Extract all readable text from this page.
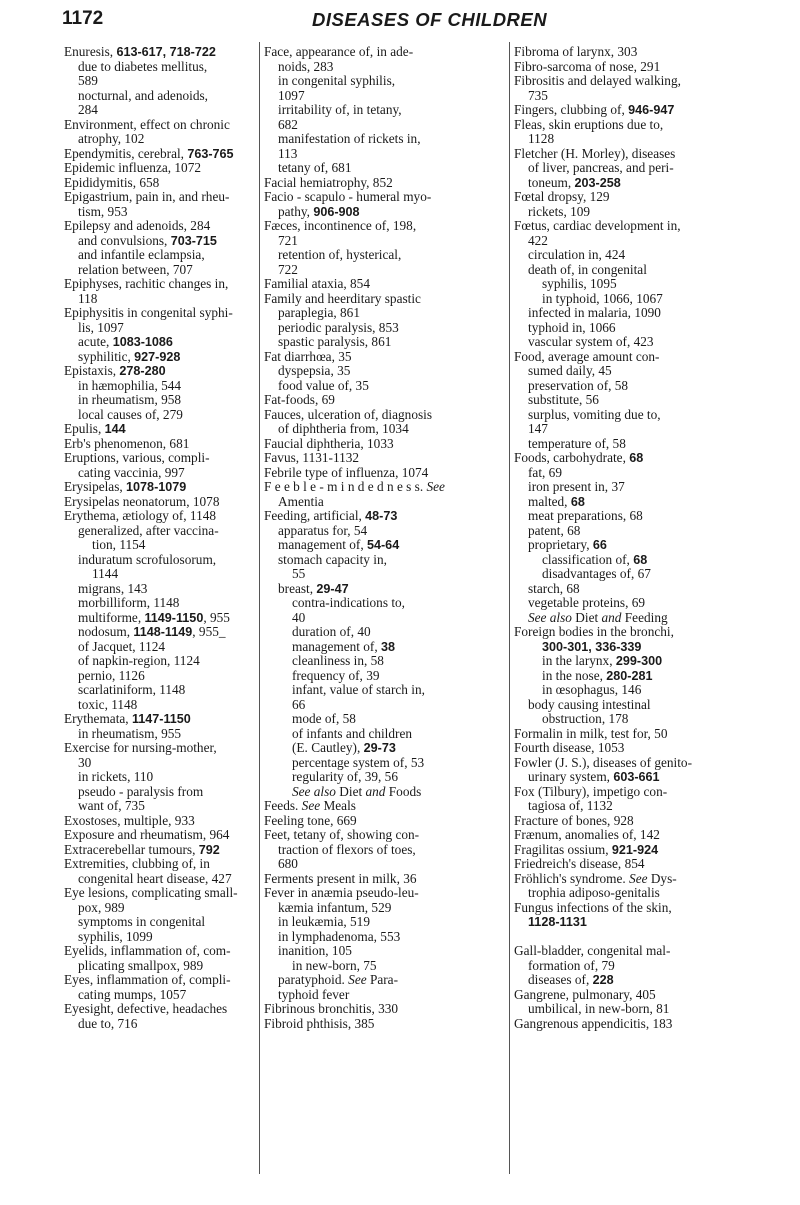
1172	DISEASES OF CHILDREN
Enuresis, 613-617, 718-722
due to diabetes mellitus,
589
nocturnal, and adenoids,
284
Environment, effect on chronic
atrophy, 102
Ependymitis, cerebral, 763-765
Epidemic influenza, 1072
Epididymitis, 658
Epigastrium, pain in, and rheu-
tism, 953
Epilepsy and adenoids, 284
and convulsions, 703-715
and infantile eclampsia,
relation between, 707
Epiphyses, rachitic changes in,
118
Epiphysitis in congenital syphi-
lis, 1097
acute, 1083-1086
syphilitic, 927-928
Epistaxis, 278-280
in hæmophilia, 544
in rheumatism, 958
local causes of, 279
Epulis, 144
Erb's phenomenon, 681
Eruptions, various, compli-
cating vaccinia, 997
Erysipelas, 1078-1079
Erysipelas neonatorum, 1078
Erythema, ætiology of, 1148
generalized, after vaccina-
tion, 1154
induratum scrofulosorum,
1144
migrans, 143
morbilliform, 1148
multiforme, 1149-1150, 955
nodosum, 1148-1149, 955_
of Jacquet, 1124
of napkin-region, 1124
pernio, 1126
scarlatiniform, 1148
toxic, 1148
Erythemata, 1147-1150
in rheumatism, 955
Exercise for nursing-mother,
30
in rickets, 110
pseudo - paralysis from
want of, 735
Exostoses, multiple, 933
Exposure and rheumatism, 964
Extracerebellar tumours, 792
Extremities, clubbing of, in
congenital heart disease, 427
Eye lesions, complicating small-
pox, 989
symptoms in congenital
syphilis, 1099
Eyelids, inflammation of, com-
plicating smallpox, 989
Eyes, inflammation of, compli-
cating mumps, 1057
Eyesight, defective, headaches
due to, 716
Face, appearance of, in ade-
noids, 283
in congenital syphilis,
1097
irritability of, in tetany,
682
manifestation of rickets in,
113
tetany of, 681
Facial hemiatrophy, 852
Facio - scapulo - humeral myo-
pathy, 906-908
Fæces, incontinence of, 198,
721
retention of, hysterical,
722
Familial ataxia, 854
Family and heerditary spastic
paraplegia, 861
periodic paralysis, 853
spastic paralysis, 861
Fat diarrhœa, 35
dyspepsia, 35
food value of, 35
Fat-foods, 69
Fauces, ulceration of, diagnosis
of diphtheria from, 1034
Faucial diphtheria, 1033
Favus, 1131-1132
Febrile type of influenza, 1074
F e e b l e - m i n d e d n e s s. See
Amentia
Feeding, artificial, 48-73
apparatus for, 54
management of, 54-64
stomach capacity in,
55
breast, 29-47
contra-indications to,
40
duration of, 40
management of, 38
cleanliness in, 58
frequency of, 39
infant, value of starch in,
66
mode of, 58
of infants and children
(E. Cautley), 29-73
percentage system of, 53
regularity of, 39, 56
See also Diet and Foods
Feeds. See Meals
Feeling tone, 669
Feet, tetany of, showing con-
traction of flexors of toes,
680
Ferments present in milk, 36
Fever in anæmia pseudo-leu-
kæmia infantum, 529
in leukæmia, 519
in lymphadenoma, 553
inanition, 105
in new-born, 75
paratyphoid. See Para-
typhoid fever
Fibrinous bronchitis, 330
Fibroid phthisis, 385
Fibroma of larynx, 303
Fibro-sarcoma of nose, 291
Fibrositis and delayed walking,
735
Fingers, clubbing of, 946-947
Fleas, skin eruptions due to,
1128
Fletcher (H. Morley), diseases
of liver, pancreas, and peri-
toneum, 203-258
Fœtal dropsy, 129
rickets, 109
Fœtus, cardiac development in,
422
circulation in, 424
death of, in congenital
syphilis, 1095
in typhoid, 1066, 1067
infected in malaria, 1090
typhoid in, 1066
vascular system of, 423
Food, average amount con-
sumed daily, 45
preservation of, 58
substitute, 56
surplus, vomiting due to,
147
temperature of, 58
Foods, carbohydrate, 68
fat, 69
iron present in, 37
malted, 68
meat preparations, 68
patent, 68
proprietary, 66
classification of, 68
disadvantages of, 67
starch, 68
vegetable proteins, 69
See also Diet and Feeding
Foreign bodies in the bronchi,
300-301, 336-339
in the larynx, 299-300
in the nose, 280-281
in œsophagus, 146
body causing intestinal
obstruction, 178
Formalin in milk, test for, 50
Fourth disease, 1053
Fowler (J. S.), diseases of genito-
urinary system, 603-661
Fox (Tilbury), impetigo con-
tagiosa of, 1132
Fracture of bones, 928
Frænum, anomalies of, 142
Fragilitas ossium, 921-924
Friedreich's disease, 854
Fröhlich's syndrome. See Dys-
trophia adiposo-genitalis
Fungus infections of the skin,
1128-1131

Gall-bladder, congenital mal-
formation of, 79
diseases of, 228
Gangrene, pulmonary, 405
umbilical, in new-born, 81
Gangrenous appendicitis, 183
